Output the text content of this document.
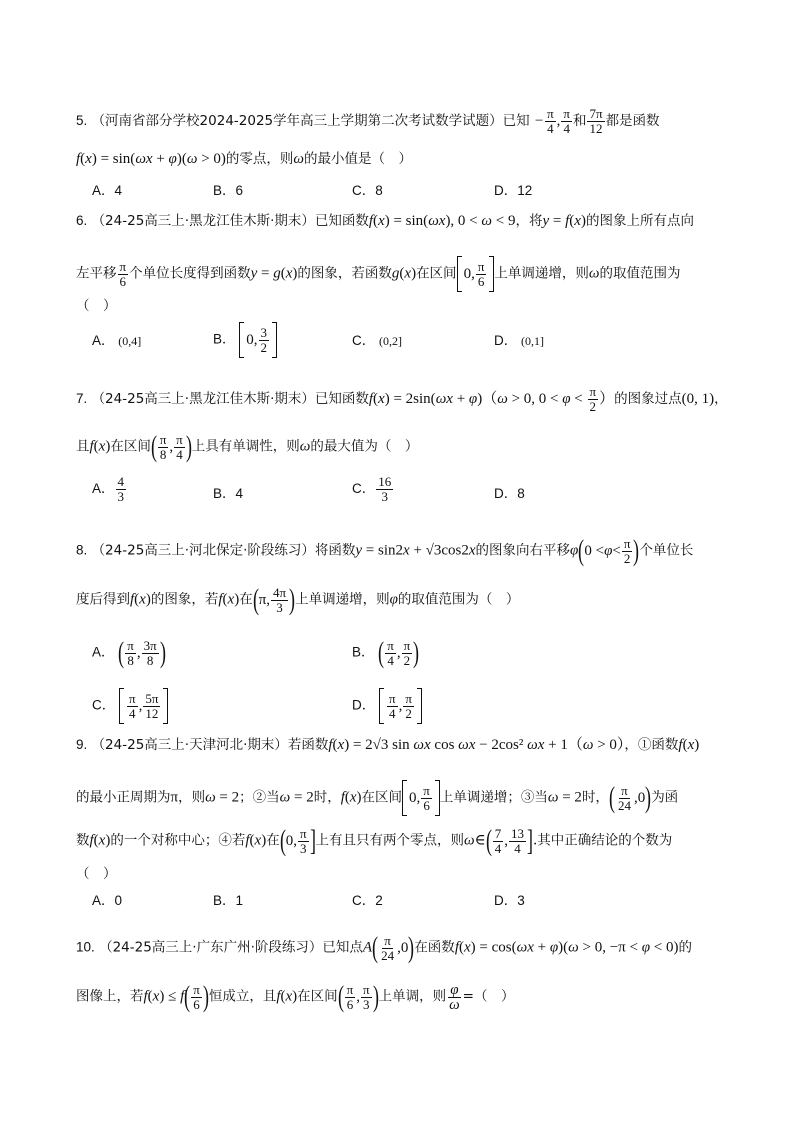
5. （河南省部分学校2024-2025学年高三上学期第二次考试数学试题）已知 − $\frac{\pi}{4}$ , $\frac{\pi}{4}$ 和 $\frac{7\pi}{12}$ 都是函数
f(x) = sin(ωx + φ)(ω > 0)的零点，则ω的最小值是（　）
A．4	B．6	C．8	D．12
6. （24-25高三上·黑龙江佳木斯·期末）已知函数f(x) = sin(ωx), 0 < ω < 9，将y = f(x)的图象上所有点向
左平移 $\frac{\pi}{6}$ 个单位长度得到函数y = g(x)的图象，若函数g(x)在区间 0, $\frac{\pi}{6}$ 上单调递增，则ω的取值范围为
（　）
A． (0,4]	B． 0, $\frac{3}{2}$	C． (0,2]	D． (0,1]
7. （24-25高三上·黑龙江佳木斯·期末）已知函数f(x) = 2sin(ωx + φ)（ω > 0, $0 < \varphi < \frac{\pi}{2}$ ）的图象过点(0, 1)，
且f(x)在区间 ( $\frac{\pi}{8}$ , $\frac{\pi}{4}$ ) 上具有单调性，则ω的最大值为（　）
A． $\frac{4}{3}$	B．4	C． $\frac{16}{3}$	D．8
8. （24-25高三上·河北保定·阶段练习）将函数y = sin2x + √3cos2x的图象向右平移φ ( $0 < \varphi < \frac{\pi}{2}$ ) 个单位长
度后得到f(x)的图象，若f(x)在 ( π, $\frac{4\pi}{3}$ ) 上单调递增，则φ的取值范围为（　）
A． ( $\frac{\pi}{8}$ , $\frac{3\pi}{8}$ )	B． ( $\frac{\pi}{4}$ , $\frac{\pi}{2}$ )
C． $\frac{\pi}{4}$ , $\frac{5\pi}{12}$	D． $\frac{\pi}{4}$ , $\frac{\pi}{2}$
9. （24-25高三上·天津河北·期末）若函数f(x) = 2√3 sin ωx cos ωx − 2cos² ωx + 1（ω > 0），①函数f(x)
的最小正周期为π，则ω = 2；②当ω = 2时，f(x)在区间 0, $\frac{\pi}{6}$ 上单调递增；③当ω = 2时， ( $\frac{\pi}{24} ,0$ ) 为函
数f(x)的一个对称中心；④若f(x)在 ( 0, $\frac{\pi}{3}$ ] 上有且只有两个零点，则ω∈ ( $\frac{7}{4}$ , $\frac{13}{4}$ ] .其中正确结论的个数为
（　）
A．0	B．1	C．2	D．3
10. （24-25高三上·广东广州·阶段练习）已知点A ( $\frac{\pi}{24} ,0$ ) 在函数f(x) = cos(ωx + φ)(ω > 0, −π < φ < 0)的
图像上，若f(x) ≤ f ( $\frac{\pi}{6}$ ) 恒成立，且f(x)在区间 ( $\frac{\pi}{6}$ , $\frac{\pi}{3}$ ) 上单调，则 $\frac{\varphi}{\omega}$ =（　）
